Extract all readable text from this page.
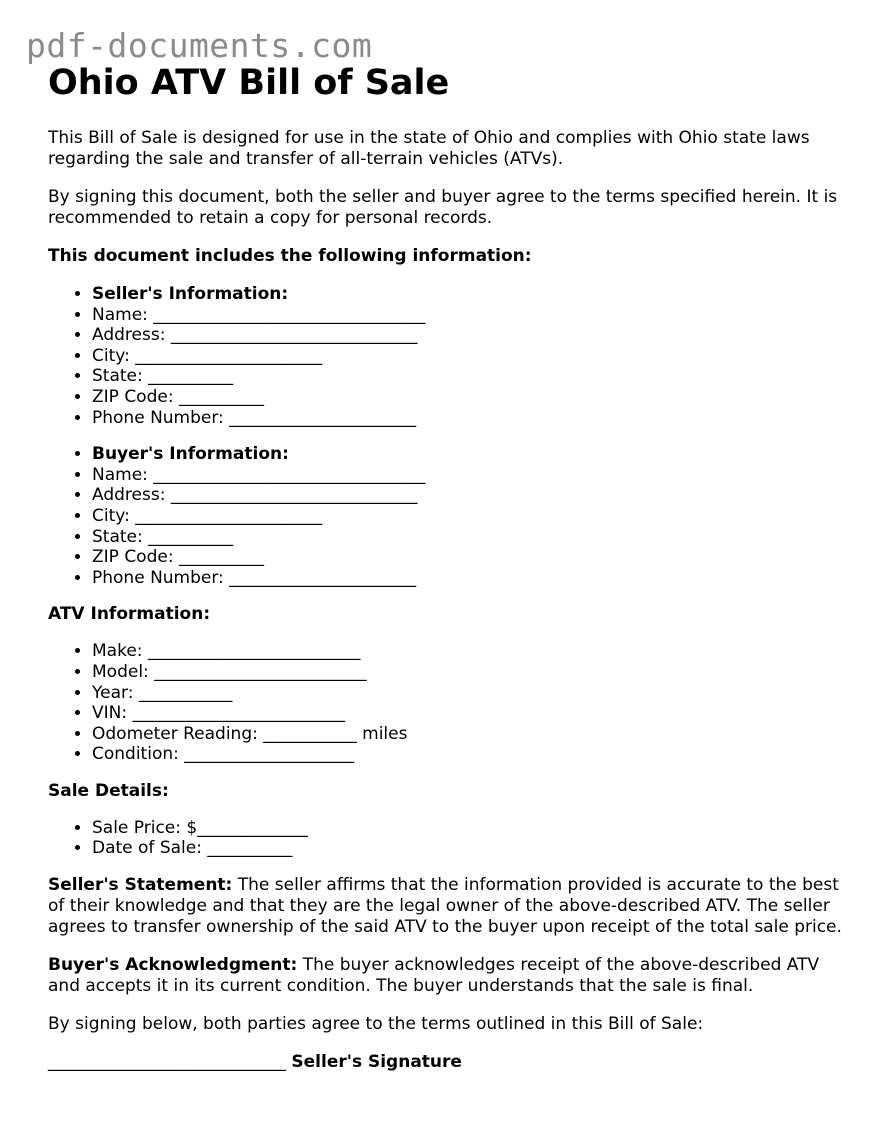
pdf-documents.com
Ohio ATV Bill of Sale

This Bill of Sale is designed for use in the state of Ohio and complies with Ohio state laws regarding the sale and transfer of all-terrain vehicles (ATVs).

By signing this document, both the seller and buyer agree to the terms specified herein. It is recommended to retain a copy for personal records.

This document includes the following information:

• Seller's Information:
• Name: ________________________________
• Address: _____________________________
• City: ______________________
• State: __________
• ZIP Code: __________
• Phone Number: ______________________
• Buyer's Information:
• Name: ________________________________
• Address: _____________________________
• City: ______________________
• State: __________
• ZIP Code: __________
• Phone Number: ______________________

ATV Information:

• Make: _________________________
• Model: _________________________
• Year: ___________
• VIN: _________________________
• Odometer Reading: ___________ miles
• Condition: ____________________

Sale Details:

• Sale Price: $_____________
• Date of Sale: __________

Seller's Statement: The seller affirms that the information provided is accurate to the best of their knowledge and that they are the legal owner of the above-described ATV. The seller agrees to transfer ownership of the said ATV to the buyer upon receipt of the total sale price.

Buyer's Acknowledgment: The buyer acknowledges receipt of the above-described ATV and accepts it in its current condition. The buyer understands that the sale is final.

By signing below, both parties agree to the terms outlined in this Bill of Sale:

____________________________ Seller's Signature
